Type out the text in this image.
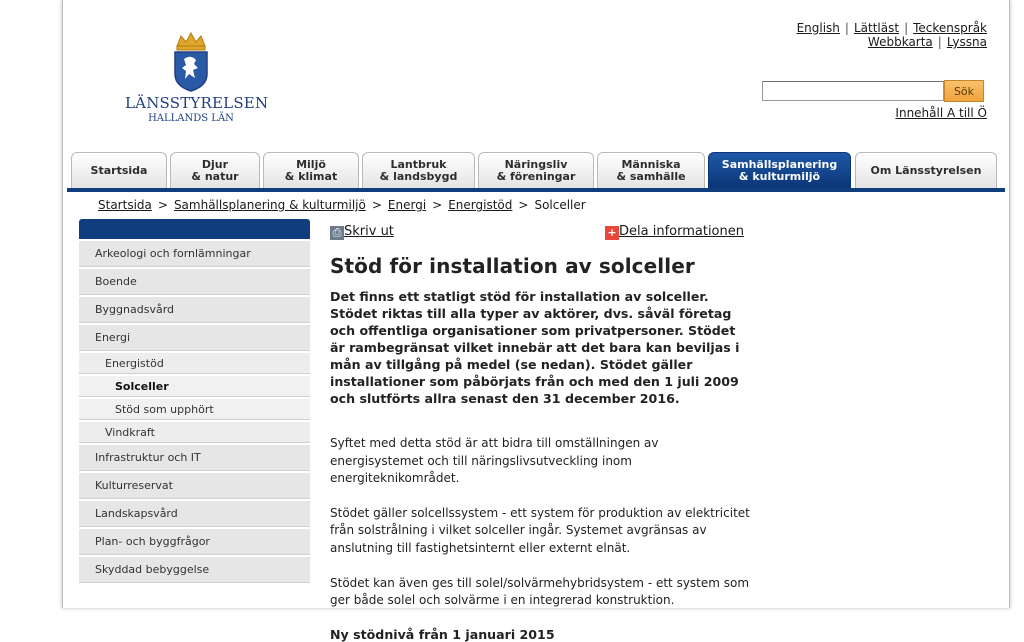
LÄNSSTYRELSEN
HALLANDS LÄN
English | Lättläst | Teckenspråk
Webbkarta | Lyssna
Sök
Innehåll A till Ö
Startsida	Djur
& natur
Miljö
& klimat
Lantbruk
& landsbygd
Näringsliv
& föreningar
Människa
& samhälle
Samhällsplanering
& kulturmiljö	Om Länsstyrelsen
Startsida > Samhällsplanering & kulturmiljö > Energi > Energistöd > Solceller
Arkeologi och fornlämningar
Boende
Byggnadsvård
Energi
Energistöd
Solceller
Stöd som upphört
Vindkraft
Infrastruktur och IT
Kulturreservat
Landskapsvård
Plan- och byggfrågor
Skyddad bebyggelse
⎙ Skriv ut	+ Dela informationen
Stöd för installation av solceller

Det finns ett statligt stöd för installation av solceller. Stödet riktas till alla typer av aktörer, dvs. såväl företag och offentliga organisationer som privatpersoner. Stödet är rambegränsat vilket innebär att det bara kan beviljas i mån av tillgång på medel (se nedan). Stödet gäller installationer som påbörjats från och med den 1 juli 2009 och slutförts allra senast den 31 december 2016.

Syftet med detta stöd är att bidra till omställningen av energisystemet och till näringslivsutveckling inom energiteknikområdet.

Stödet gäller solcellssystem - ett system för produktion av elektricitet från solstrålning i vilket solceller ingår. Systemet avgränsas av anslutning till fastighetsinternt eller externt elnät.

Stödet kan även ges till solel/solvärmehybridsystem - ett system som ger både solel och solvärme i en integrerad konstruktion.

Ny stödnivå från 1 januari 2015
